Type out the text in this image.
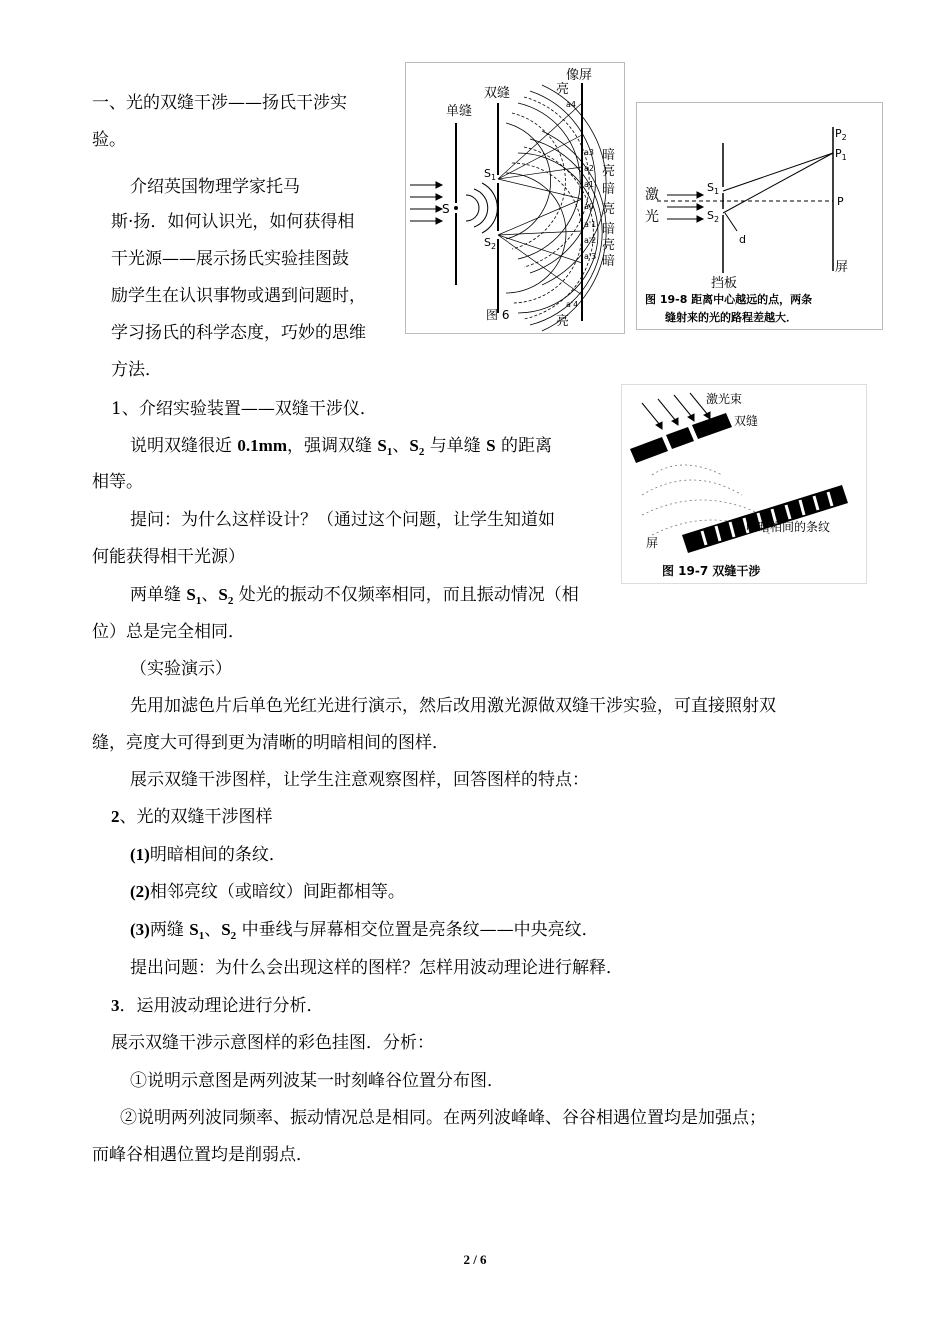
一、光的双缝干涉——扬氏干涉实
验。
介绍英国物理学家托马
斯·扬．如何认识光，如何获得相
干光源——展示扬氏实验挂图鼓
励学生在认识事物或遇到问题时，
学习扬氏的科学态度，巧妙的思维
方法．
1、介绍实验装置——双缝干涉仪．
说明双缝很近 0.1mm，强调双缝 $S_1$、$S_2$ 与单缝 S 的距离
相等。
提问：为什么这样设计？（通过这个问题，让学生知道如
何能获得相干光源）
两单缝 $S_1$、$S_2$ 处光的振动不仅频率相同，而且振动情况（相
位）总是完全相同．
（实验演示）
先用加滤色片后单色光红光进行演示，然后改用激光源做双缝干涉实验，可直接照射双
缝，亮度大可得到更为清晰的明暗相间的图样．
展示双缝干涉图样，让学生注意观察图样，回答图样的特点：
2、光的双缝干涉图样
(1)明暗相间的条纹．
(2)相邻亮纹（或暗纹）间距都相等。
(3)两缝 $S_1$、$S_2$ 中垂线与屏幕相交位置是亮条纹——中央亮纹．
提出问题：为什么会出现这样的图样？怎样用波动理论进行解释．
3．运用波动理论进行分析．
展示双缝干涉示意图样的彩色挂图．分析：
①说明示意图是两列波某一时刻峰谷位置分布图．
②说明两列波同频率、振动情况总是相同。在两列波峰峰、谷谷相遇位置均是加强点；
而峰谷相遇位置均是削弱点．
单缝
双缝
像屏
亮
S
$S_1$
$S_2$
a4
a3
a2
a1
a0
a'1
a'2
a'3
a'4
暗
亮
暗
亮
暗
亮
暗
图 6	亮
激
光
$S_1$
$S_2$
挡板
屏
$P_2$
$P_1$
P
d
图 19-8 距离中心越远的点，两条
缝射来的光的路程差越大．
激光束
双缝
明暗相间的条纹
屏
图 19-7 双缝干涉
2 / 6
